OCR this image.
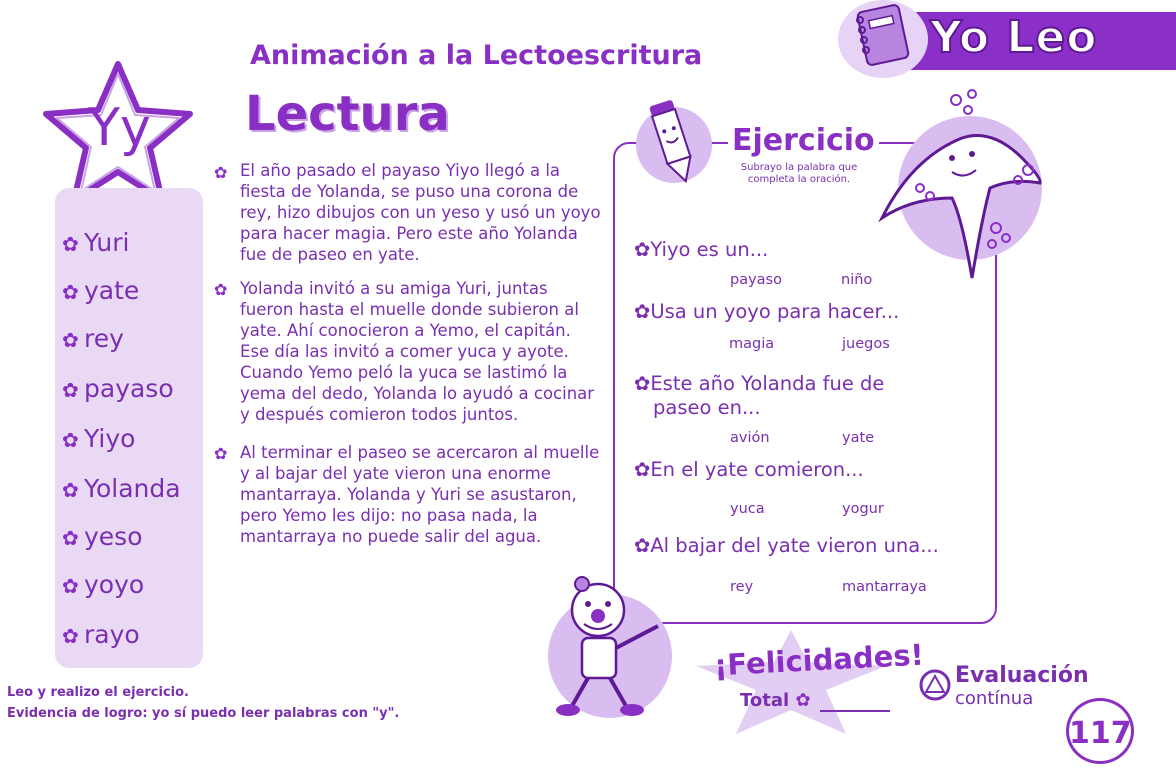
Yo Leo
Animación a la Lectoescritura
Lectura
Yy
✿ Yuri
✿ yate
✿ rey
✿ payaso
✿ Yiyo
✿ Yolanda
✿ yeso
✿ yoyo
✿ rayo
✿ El año pasado el payaso Yiyo llegó a la fiesta de Yolanda, se puso una corona de rey, hizo dibujos con un yeso y usó un yoyo para hacer magia. Pero este año Yolanda fue de paseo en yate.
✿ Yolanda invitó a su amiga Yuri, juntas fueron hasta el muelle donde subieron al yate. Ahí conocieron a Yemo, el capitán. Ese día las invitó a comer yuca y ayote. Cuando Yemo peló la yuca se lastimó la yema del dedo, Yolanda lo ayudó a cocinar y después comieron todos juntos.
✿ Al terminar el paseo se acercaron al muelle y al bajar del yate vieron una enorme mantarraya. Yolanda y Yuri se asustaron, pero Yemo les dijo: no pasa nada, la mantarraya no puede salir del agua.
Ejercicio
Subrayo la palabra que completa la oración.
✿Yiyo es un...
payaso	niño
✿Usa un yoyo para hacer...
magia	juegos
✿Este año Yolanda fue de
paseo en...
avión	yate
✿En el yate comieron...
yuca	yogur
✿Al bajar del yate vieron una...
rey	mantarraya
¡Felicidades!
Total ✿
Evaluación
contínua
Leo y realizo el ejercicio.
Evidencia de logro: yo sí puedo leer palabras con "y".
117
